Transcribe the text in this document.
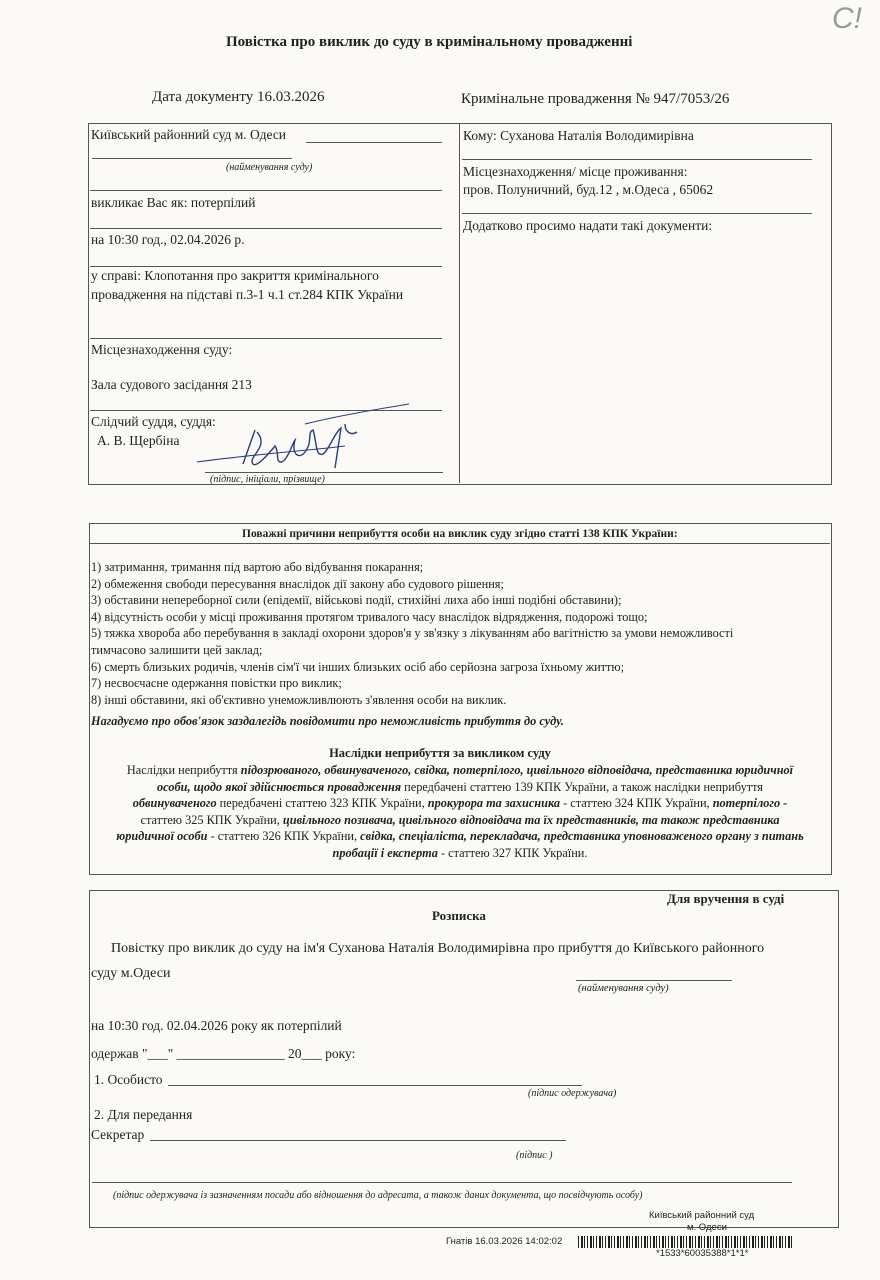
C!
Повістка про виклик до суду в кримінальному провадженні
Дата документу 16.03.2026	Кримінальне провадження № 947/7053/26
Київський районний суд м. Одеси
(найменування суду)
викликає Вас як: потерпілий
на 10:30 год., 02.04.2026 р.
у справі: Клопотання про закриття кримінального
провадження на підставі п.3-1 ч.1 ст.284 КПК України
Місцезнаходження суду:
Зала судового засідання 213
Слідчий суддя, суддя:
А. В. Щербіна
(підпис, ініціали, прізвище)
Кому: Суханова Наталія Володимирівна
Місцезнаходження/ місце проживання:
пров. Полуничний, буд.12 , м.Одеса , 65062
Додатково просимо надати такі документи:
Поважні причини неприбуття особи на виклик суду згідно статті 138 КПК України:
1) затримання, тримання під вартою або відбування покарання;
2) обмеження свободи пересування внаслідок дії закону або судового рішення;
3) обставини непереборної сили (епідемії, військові події, стихійні лиха або інші подібні обставини);
4) відсутність особи у місці проживання протягом тривалого часу внаслідок відрядження, подорожі тощо;
5) тяжка хвороба або перебування в закладі охорони здоров'я у зв'язку з лікуванням або вагітністю за умови неможливості
тимчасово залишити цей заклад;
6) смерть близьких родичів, членів сім'ї чи інших близьких осіб або серйозна загроза їхньому життю;
7) несвоєчасне одержання повістки про виклик;
8) інші обставини, які об'єктивно унеможливлюють з'явлення особи на виклик.
Нагадуємо про обов'язок заздалегідь повідомити про неможливість прибуття до суду.
Наслідки неприбуття за викликом суду
Наслідки неприбуття підозрюваного, обвинуваченого, свідка, потерпілого, цивільного відповідача, представника юридичної
особи, щодо якої здійснюється провадження передбачені статтею 139 КПК України, а також наслідки неприбуття
обвинуваченого передбачені статтею 323 КПК України, прокурора та захисника - статтею 324 КПК України, потерпілого -
статтею 325 КПК України, цивільного позивача, цивільного відповідача та їх представників, та також представника
юридичної особи - статтею 326 КПК України, свідка, спеціаліста, перекладача, представника уповноваженого органу з питань
пробації і експерта - статтею 327 КПК України.
Для вручення в суді
Розписка
Повістку про виклик до суду на ім'я Суханова Наталія Володимирівна про прибуття до Київського районного
суду м.Одеси
(найменування суду)
на 10:30 год. 02.04.2026 року як потерпілий
одержав "___" ________________ 20___ року:
1. Особисто
(підпис одержувача)
2. Для передання
Секретар
(підпис )
(підпис одержувача із зазначенням посади або відношення до адресата, а також даних документа, що посвідчують особу)
Київський районний суд
м. Одеси
Гнатів 16.03.2026 14:02:02
*1533*60035388*1*1*
